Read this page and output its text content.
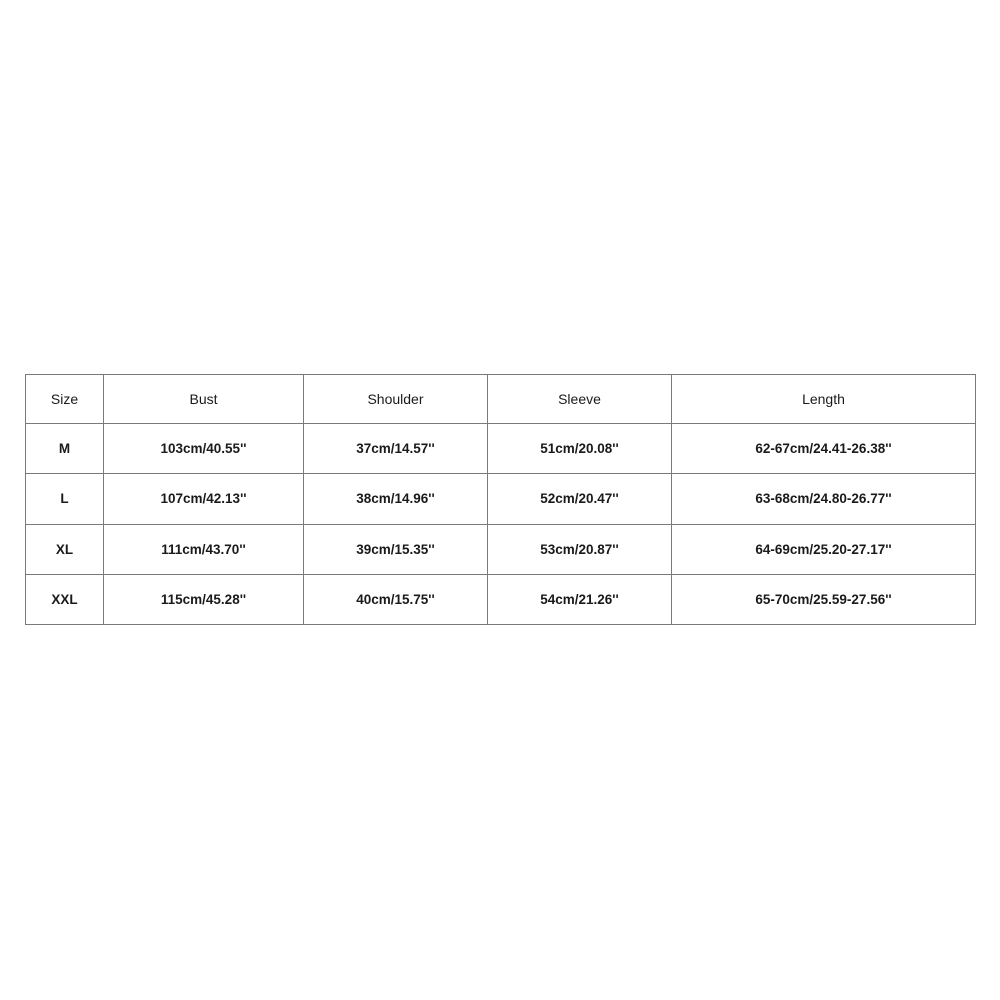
Size	Bust	Shoulder	Sleeve	Length
M	103cm/40.55''	37cm/14.57''	51cm/20.08''	62-67cm/24.41-26.38''
L	107cm/42.13''	38cm/14.96''	52cm/20.47''	63-68cm/24.80-26.77''
XL	111cm/43.70''	39cm/15.35''	53cm/20.87''	64-69cm/25.20-27.17''
XXL	115cm/45.28''	40cm/15.75''	54cm/21.26''	65-70cm/25.59-27.56''
